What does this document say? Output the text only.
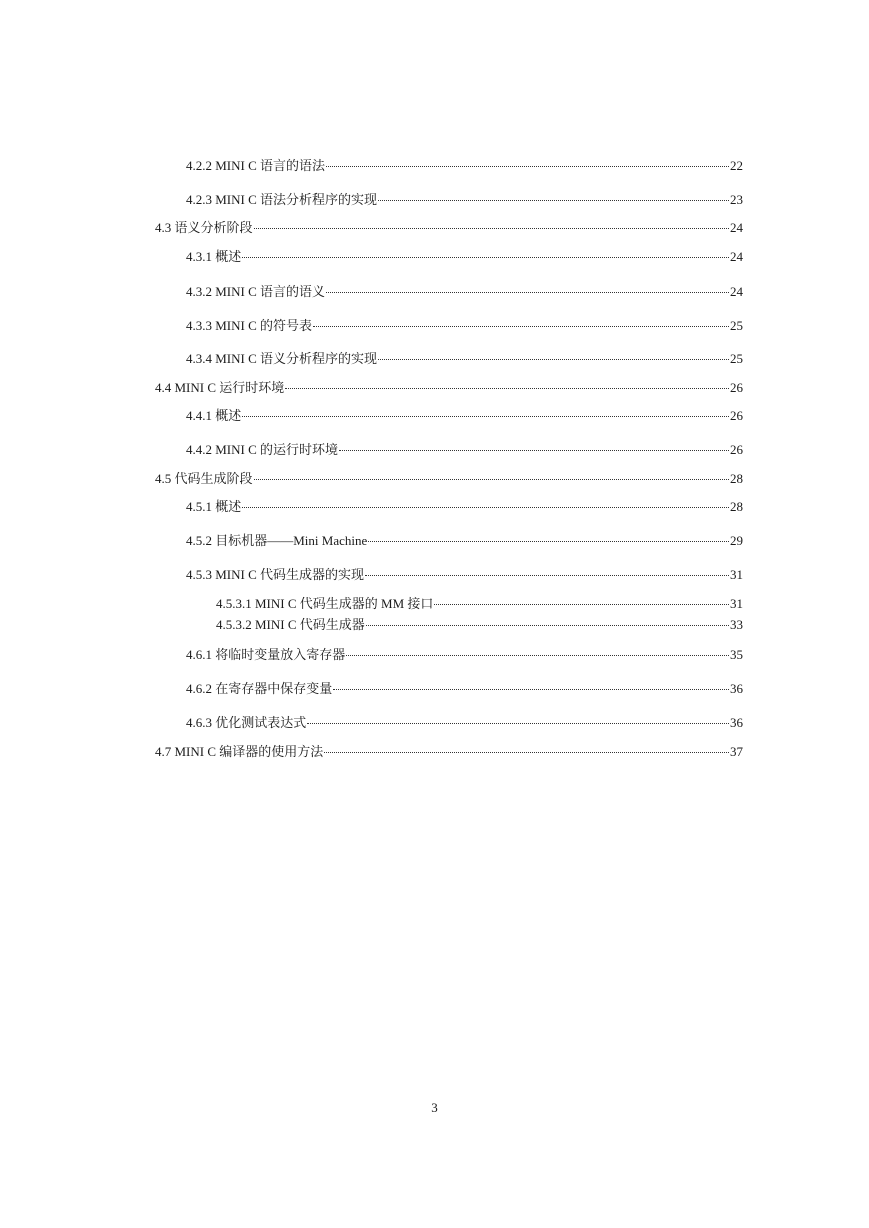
4.2.2 MINI C 语言的语法	22
4.2.3 MINI C 语法分析程序的实现	23
4.3 语义分析阶段	24
4.3.1 概述	24
4.3.2 MINI C 语言的语义	24
4.3.3 MINI C 的符号表	25
4.3.4 MINI C 语义分析程序的实现	25
4.4 MINI C 运行时环境	26
4.4.1 概述	26
4.4.2 MINI C 的运行时环境	26
4.5 代码生成阶段	28
4.5.1 概述	28
4.5.2 目标机器——Mini Machine	29
4.5.3 MINI C 代码生成器的实现	31
4.5.3.1 MINI C 代码生成器的 MM 接口	31
4.5.3.2 MINI C 代码生成器	33
4.6.1 将临时变量放入寄存器	35
4.6.2 在寄存器中保存变量	36
4.6.3 优化测试表达式	36
4.7 MINI C 编译器的使用方法	37
3
